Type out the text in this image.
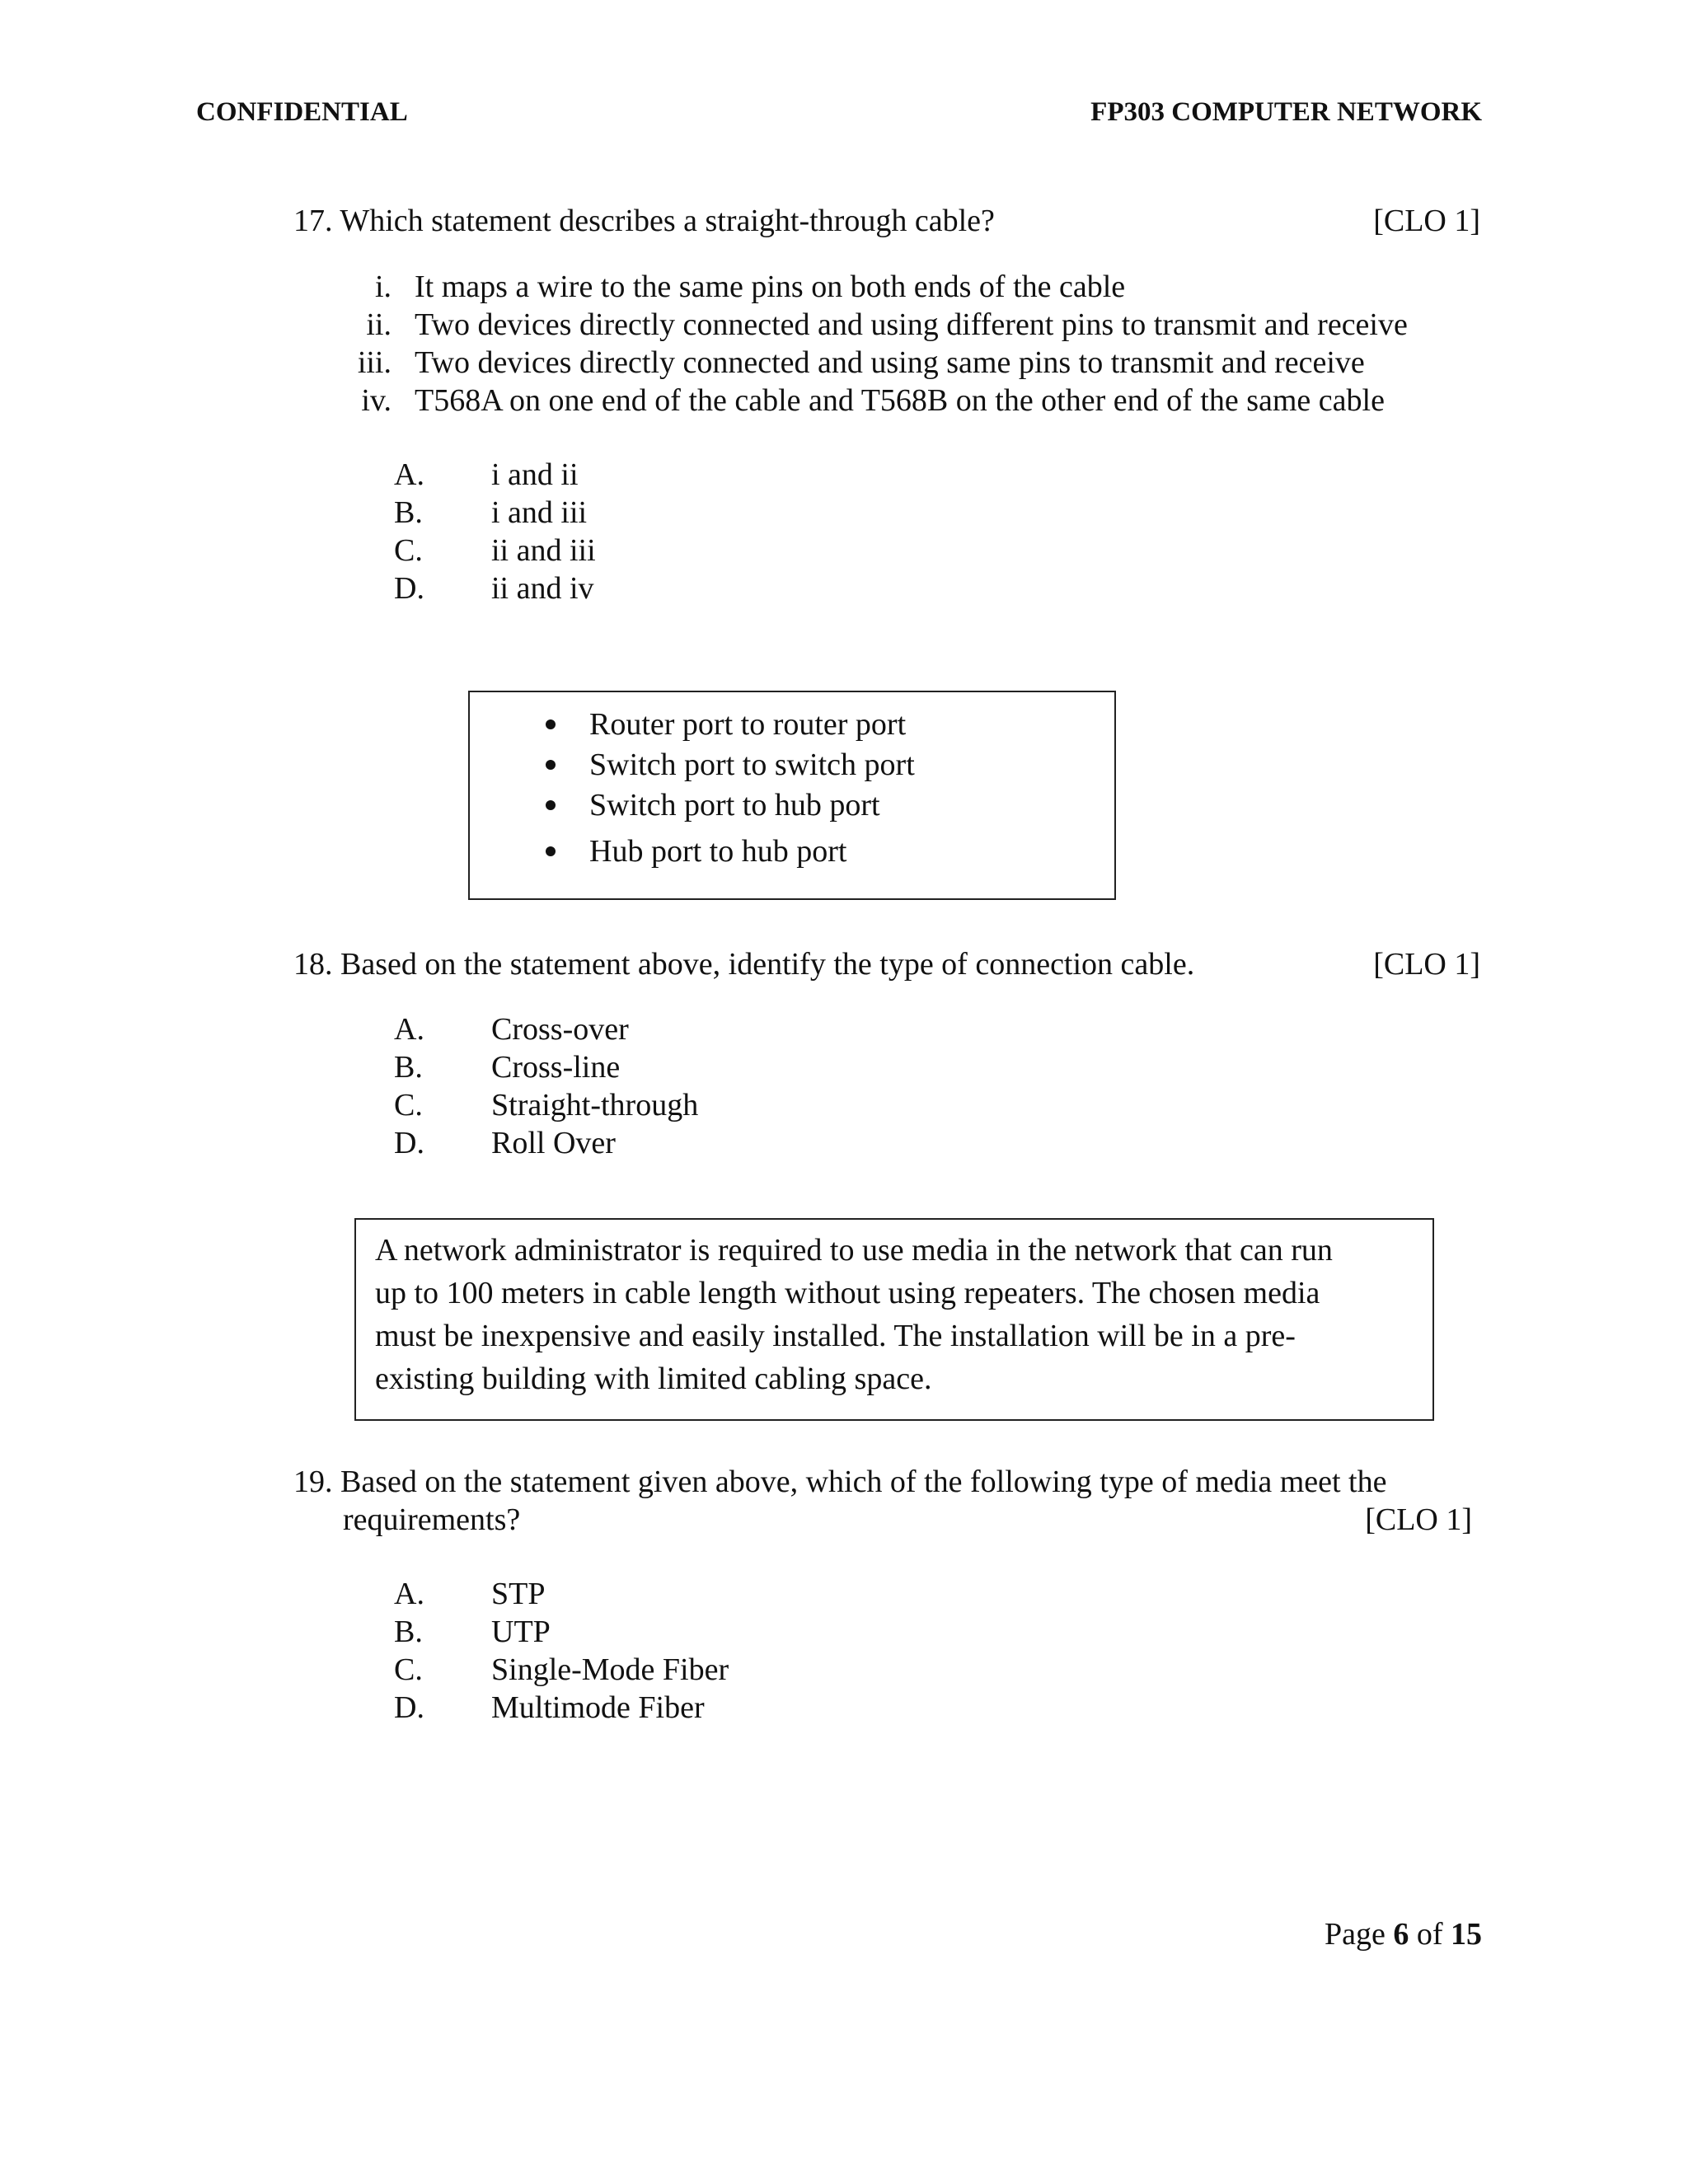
CONFIDENTIAL	FP303 COMPUTER NETWORK
17. Which statement describes a straight-through cable?	[CLO 1]
i. It maps a wire to the same pins on both ends of the cable
ii. Two devices directly connected and using different pins to transmit and receive
iii. Two devices directly connected and using same pins to transmit and receive
iv. T568A on one end of the cable and T568B on the other end of the same cable
A. i and ii
B. i and iii
C. ii and iii
D. ii and iv
Router port to router port
Switch port to switch port
Switch port to hub port
Hub port to hub port
18. Based on the statement above, identify the type of connection cable.	[CLO 1]
A. Cross-over
B. Cross-line
C. Straight-through
D. Roll Over
A network administrator is required to use media in the network that can run
up to 100 meters in cable length without using repeaters. The chosen media
must be inexpensive and easily installed. The installation will be in a pre-
existing building with limited cabling space.
19. Based on the statement given above, which of the following type of media meet the
requirements?	[CLO 1]
A. STP
B. UTP
C. Single-Mode Fiber
D. Multimode Fiber
Page 6 of 15
